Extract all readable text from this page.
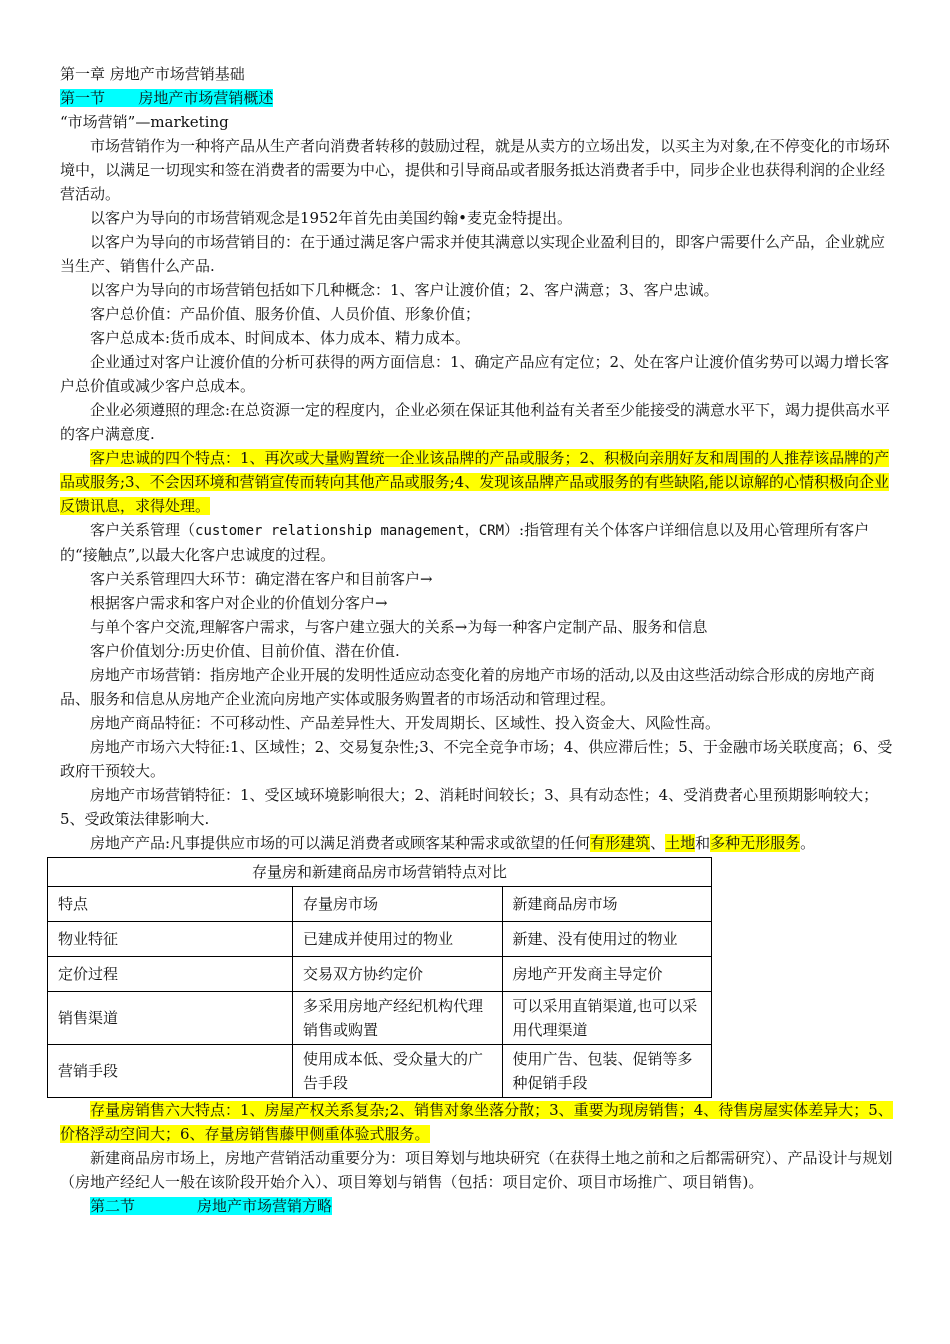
第一章 房地产市场营销基础

第一节       房地产市场营销概述

“市场营销”—marketing

市场营销作为一种将产品从生产者向消费者转移的鼓励过程，就是从卖方的立场出发，以买主为对象,在不停变化的市场环境中，以满足一切现实和签在消费者的需要为中心，提供和引导商品或者服务抵达消费者手中，同步企业也获得利润的企业经营活动。

以客户为导向的市场营销观念是1952年首先由美国约翰•麦克金特提出。

以客户为导向的市场营销目的：在于通过满足客户需求并使其满意以实现企业盈利目的，即客户需要什么产品，企业就应当生产、销售什么产品.

以客户为导向的市场营销包括如下几种概念：1、客户让渡价值；2、客户满意；3、客户忠诚。

客户总价值：产品价值、服务价值、人员价值、形象价值；

客户总成本:货币成本、时间成本、体力成本、精力成本。

企业通过对客户让渡价值的分析可获得的两方面信息：1、确定产品应有定位；2、处在客户让渡价值劣势可以竭力增长客户总价值或减少客户总成本。

企业必须遵照的理念:在总资源一定的程度内，企业必须在保证其他利益有关者至少能接受的满意水平下，竭力提供高水平的客户满意度.

客户忠诚的四个特点：1、再次或大量购置统一企业该品牌的产品或服务；2、积极向亲朋好友和周围的人推荐该品牌的产品或服务;3、不会因环境和营销宣传而转向其他产品或服务;4、发现该品牌产品或服务的有些缺陷,能以谅解的心情积极向企业反馈讯息，求得处理。

客户关系管理（customer relationship management，CRM）:指管理有关个体客户详细信息以及用心管理所有客户的“接触点”,以最大化客户忠诚度的过程。

客户关系管理四大环节：确定潜在客户和目前客户→

根据客户需求和客户对企业的价值划分客户→

与单个客户交流,理解客户需求，与客户建立强大的关系→为每一种客户定制产品、服务和信息

客户价值划分:历史价值、目前价值、潜在价值.

房地产市场营销：指房地产企业开展的发明性适应动态变化着的房地产市场的活动,以及由这些活动综合形成的房地产商品、服务和信息从房地产企业流向房地产实体或服务购置者的市场活动和管理过程。

房地产商品特征：不可移动性、产品差异性大、开发周期长、区域性、投入资金大、风险性高。

房地产市场六大特征:1、区域性；2、交易复杂性;3、不完全竞争市场；4、供应滞后性；5、于金融市场关联度高；6、受政府干预较大。

房地产市场营销特征：1、受区域环境影响很大；2、消耗时间较长；3、具有动态性；4、受消费者心里预期影响较大；5、受政策法律影响大.

房地产产品:凡事提供应市场的可以满足消费者或顾客某种需求或欲望的任何有形建筑、土地和多种无形服务。

存量房和新建商品房市场营销特点对比		
特点	存量房市场	新建商品房市场
物业特征	已建成并使用过的物业	新建、没有使用过的物业
定价过程	交易双方协约定价	房地产开发商主导定价
销售渠道	多采用房地产经纪机构代理销售或购置	可以采用直销渠道,也可以采用代理渠道
营销手段	使用成本低、受众量大的广告手段	使用广告、包装、促销等多种促销手段

存量房销售六大特点：1、房屋产权关系复杂;2、销售对象坐落分散；3、重要为现房销售；4、待售房屋实体差异大；5、价格浮动空间大；6、存量房销售藤甲侧重体验式服务。

新建商品房市场上，房地产营销活动重要分为：项目筹划与地块研究（在获得土地之前和之后都需研究）、产品设计与规划（房地产经纪人一般在该阶段开始介入）、项目筹划与销售（包括：项目定价、项目市场推广、项目销售)。

第二节             房地产市场营销方略
